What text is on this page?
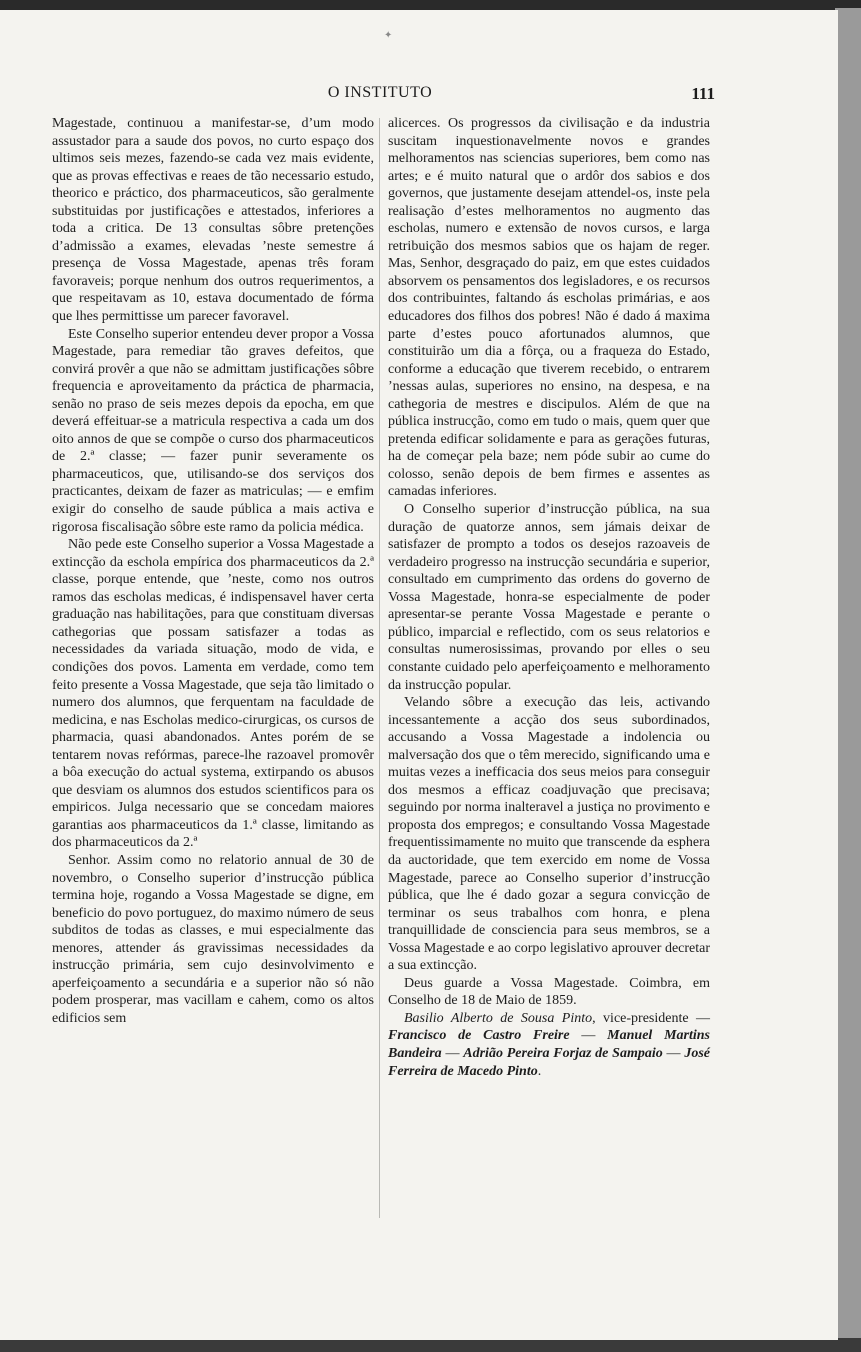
O INSTITUTO	111

Magestade, continuou a manifestar-se, d’um modo assustador para a saude dos povos, no curto espaço dos ultimos seis mezes, fazendo-se cada vez mais evidente, que as provas effectivas e reaes de tão necessario estudo, theorico e práctico, dos pharmaceuticos, são geralmente substituidas por justificações e attestados, inferiores a toda a critica. De 13 consultas sôbre pretenções d’admissão a exames, elevadas ’neste semestre á presença de Vossa Magestade, apenas três foram favoraveis; porque nenhum dos outros requerimentos, a que respeitavam as 10, estava documentado de fórma que lhes permittisse um parecer favoravel.

Este Conselho superior entendeu dever propor a Vossa Magestade, para remediar tão graves defeitos, que convirá provêr a que não se admittam justificações sôbre frequencia e aproveitamento da práctica de pharmacia, senão no praso de seis mezes depois da epocha, em que deverá effeituar-se a matricula respectiva a cada um dos oito annos de que se compõe o curso dos pharmaceuticos de 2.ª classe; — fazer punir severamente os pharmaceuticos, que, utilisando-se dos serviços dos practicantes, deixam de fazer as matriculas; — e emfim exigir do conselho de saude pública a mais activa e rigorosa fiscalisação sôbre este ramo da policia médica.

Não pede este Conselho superior a Vossa Magestade a extincção da eschola empírica dos pharmaceuticos da 2.ª classe, porque entende, que ’neste, como nos outros ramos das escholas medicas, é indispensavel haver certa graduação nas habilitações, para que constituam diversas cathegorias que possam satisfazer a todas as necessidades da variada situação, modo de vida, e condições dos povos. Lamenta em verdade, como tem feito presente a Vossa Magestade, que seja tão limitado o numero dos alumnos, que ferquentam na faculdade de medicina, e nas Escholas medico-cirurgicas, os cursos de pharmacia, quasi abandonados. Antes porém de se tentarem novas refórmas, parece-lhe razoavel promovêr a bôa execução do actual systema, extirpando os abusos que desviam os alumnos dos estudos scientificos para os empiricos. Julga necessario que se concedam maiores garantias aos pharmaceuticos da 1.ª classe, limitando as dos pharmaceuticos da 2.ª

Senhor. Assim como no relatorio annual de 30 de novembro, o Conselho superior d’instrucção pública termina hoje, rogando a Vossa Magestade se digne, em beneficio do povo portuguez, do maximo número de seus subditos de todas as classes, e mui especialmente das menores, attender ás gravissimas necessidades da instrucção primária, sem cujo desinvolvimento e aperfeiçoamento a secundária e a superior não só não podem prosperar, mas vacillam e cahem, como os altos edificios sem

alicerces. Os progressos da civilisação e da industria suscitam inquestionavelmente novos e grandes melhoramentos nas sciencias superiores, bem como nas artes; e é muito natural que o ardôr dos sabios e dos governos, que justamente desejam attendel-os, inste pela realisação d’estes melhoramentos no augmento das escholas, numero e extensão de novos cursos, e larga retribuição dos mesmos sabios que os hajam de reger. Mas, Senhor, desgraçado do paiz, em que estes cuidados absorvem os pensamentos dos legisladores, e os recursos dos contribuintes, faltando ás escholas primárias, e aos educadores dos filhos dos pobres! Não é dado á maxima parte d’estes pouco afortunados alumnos, que constituirão um dia a fôrça, ou a fraqueza do Estado, conforme a educação que tiverem recebido, o entrarem ’nessas aulas, superiores no ensino, na despesa, e na cathegoria de mestres e discipulos. Além de que na pública instrucção, como em tudo o mais, quem quer que pretenda edificar solidamente e para as gerações futuras, ha de começar pela baze; nem póde subir ao cume do colosso, senão depois de bem firmes e assentes as camadas inferiores.

O Conselho superior d’instrucção pública, na sua duração de quatorze annos, sem jámais deixar de satisfazer de prompto a todos os desejos razoaveis de verdadeiro progresso na instrucção secundária e superior, consultado em cumprimento das ordens do governo de Vossa Magestade, honra-se especialmente de poder apresentar-se perante Vossa Magestade e perante o público, imparcial e reflectido, com os seus relatorios e consultas numerosissimas, provando por elles o seu constante cuidado pelo aperfeiçoamento e melhoramento da instrucção popular.

Velando sôbre a execução das leis, activando incessantemente a acção dos seus subordinados, accusando a Vossa Magestade a indolencia ou malversação dos que o têm merecido, significando uma e muitas vezes a inefficacia dos seus meios para conseguir dos mesmos a efficaz coadjuvação que precisava; seguindo por norma inalteravel a justiça no provimento e proposta dos empregos; e consultando Vossa Magestade frequentissimamente no muito que transcende da esphera da auctoridade, que tem exercido em nome de Vossa Magestade, parece ao Conselho superior d’instrucção pública, que lhe é dado gozar a segura convicção de terminar os seus trabalhos com honra, e plena tranquillidade de consciencia para seus membros, se a Vossa Magestade e ao corpo legislativo aprouver decretar a sua extincção.

Deus guarde a Vossa Magestade. Coimbra, em Conselho de 18 de Maio de 1859.

Basilio Alberto de Sousa Pinto, vice-presidente — Francisco de Castro Freire — Manuel Martins Bandeira — Adrião Pereira Forjaz de Sampaio — José Ferreira de Macedo Pinto.

✦
